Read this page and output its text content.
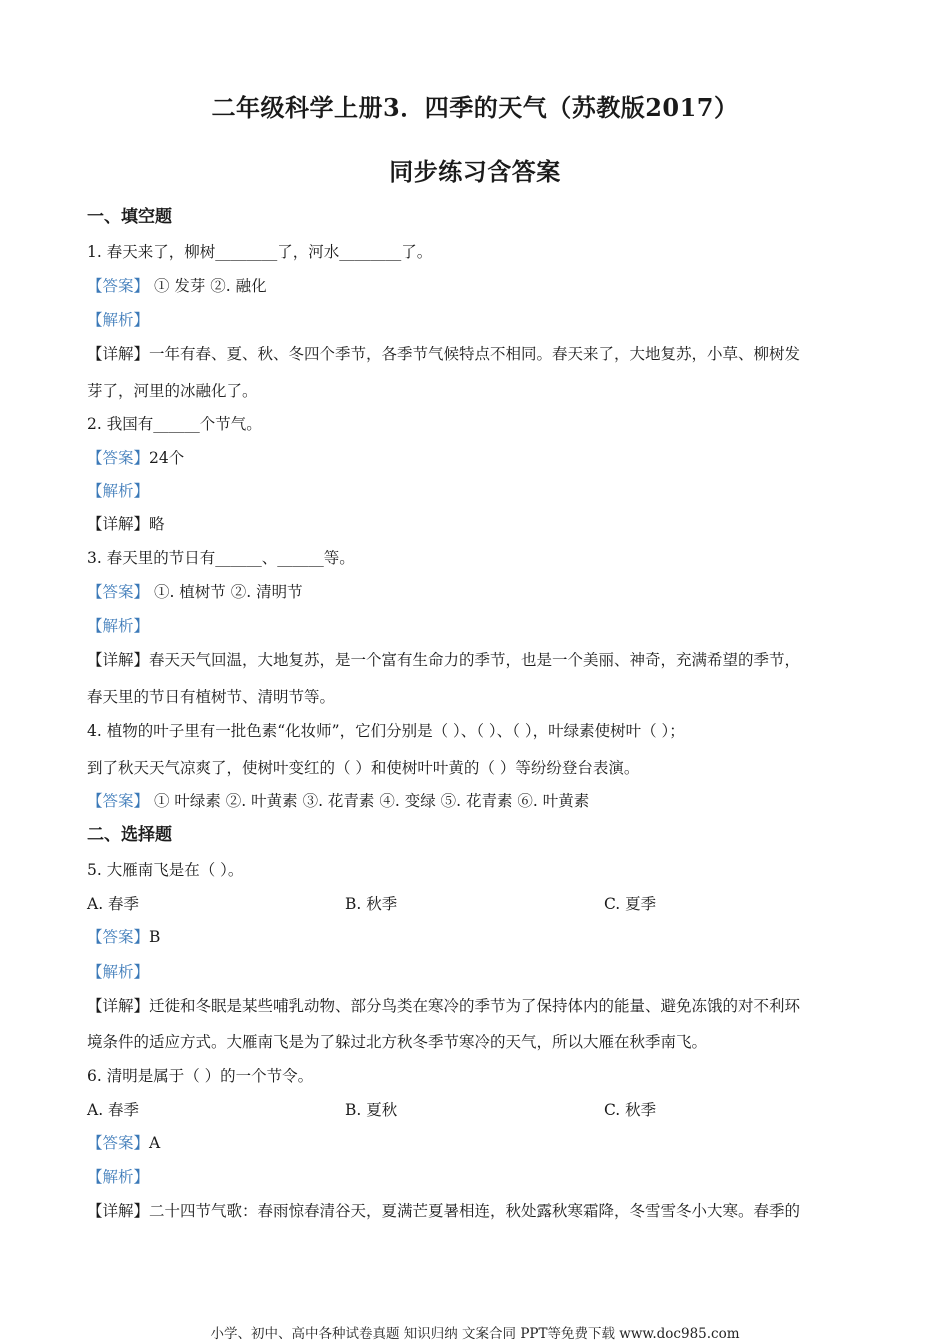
二年级科学上册3．四季的天气（苏教版2017）
同步练习含答案
一、填空题
1. 春天来了，柳树________了，河水________了。
【答案】 ① 发芽 ②. 融化
【解析】
【详解】一年有春、夏、秋、冬四个季节，各季节气候特点不相同。春天来了，大地复苏，小草、柳树发
芽了，河里的冰融化了。
2. 我国有______个节气。
【答案】24个
【解析】
【详解】略
3. 春天里的节日有______、______等。
【答案】 ①. 植树节 ②. 清明节
【解析】
【详解】春天天气回温，大地复苏，是一个富有生命力的季节，也是一个美丽、神奇，充满希望的季节，
春天里的节日有植树节、清明节等。
4. 植物的叶子里有一批色素“化妆师”，它们分别是（ ）、（ ）、（ ），叶绿素使树叶（ ）；
到了秋天天气凉爽了，使树叶变红的（ ）和使树叶叶黄的（ ）等纷纷登台表演。
【答案】 ① 叶绿素 ②. 叶黄素 ③. 花青素 ④. 变绿 ⑤. 花青素 ⑥. 叶黄素
二、选择题
5. 大雁南飞是在（ ）。
A. 春季	B. 秋季	C. 夏季
【答案】B
【解析】
【详解】迁徙和冬眠是某些哺乳动物、部分鸟类在寒冷的季节为了保持体内的能量、避免冻饿的对不利环
境条件的适应方式。大雁南飞是为了躲过北方秋冬季节寒冷的天气，所以大雁在秋季南飞。
6. 清明是属于（ ）的一个节令。
A. 春季	B. 夏秋	C. 秋季
【答案】A
【解析】
【详解】二十四节气歌：春雨惊春清谷天，夏满芒夏暑相连，秋处露秋寒霜降，冬雪雪冬小大寒。春季的
小学、初中、高中各种试卷真题 知识归纳 文案合同 PPT等免费下载 www.doc985.com
